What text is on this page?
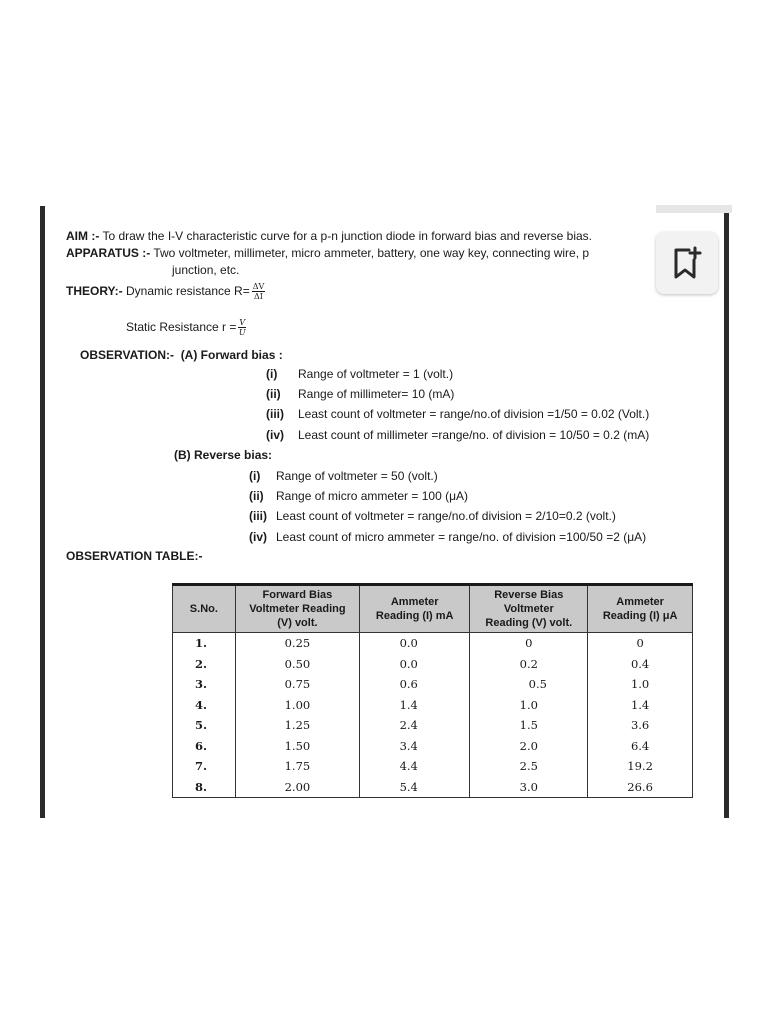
AIM :- To draw the I-V characteristic curve for a p-n junction diode in forward bias and reverse bias.
APPARATUS :- Two voltmeter, millimeter, micro ammeter, battery, one way key, connecting wire, p
junction, etc.
THEORY:- Dynamic resistance $R= \frac{\Delta V}{\Delta I}$
Static Resistance $r = \frac{V}{U}$
OBSERVATION:- (A) Forward bias :
(i) Range of voltmeter = 1 (volt.)
(ii) Range of millimeter= 10 (mA)
(iii) Least count of voltmeter = range/no.of division =1/50 = 0.02 (Volt.)
(iv) Least count of millimeter =range/no. of division = 10/50 = 0.2 (mA)
(B) Reverse bias:
(i) Range of voltmeter = 50 (volt.)
(ii) Range of micro ammeter = 100 (μA)
(iii) Least count of voltmeter = range/no.of division = 2/10=0.2 (volt.)
(iv) Least count of micro ammeter = range/no. of division =100/50 =2 (μA)
OBSERVATION TABLE:-
S.No.	Forward Bias
Voltmeter Reading
(V) volt.	Ammeter
Reading (I) mA	Reverse Bias
Voltmeter
Reading (V) volt.	Ammeter
Reading (I) μA
1.	0.25	0.0	0	0
2.	0.50	0.0	0.2	0.4
3.	0.75	0.6	0.5	1.0
4.	1.00	1.4	1.0	1.4
5.	1.25	2.4	1.5	3.6
6.	1.50	3.4	2.0	6.4
7.	1.75	4.4	2.5	19.2
8.	2.00	5.4	3.0	26.6
